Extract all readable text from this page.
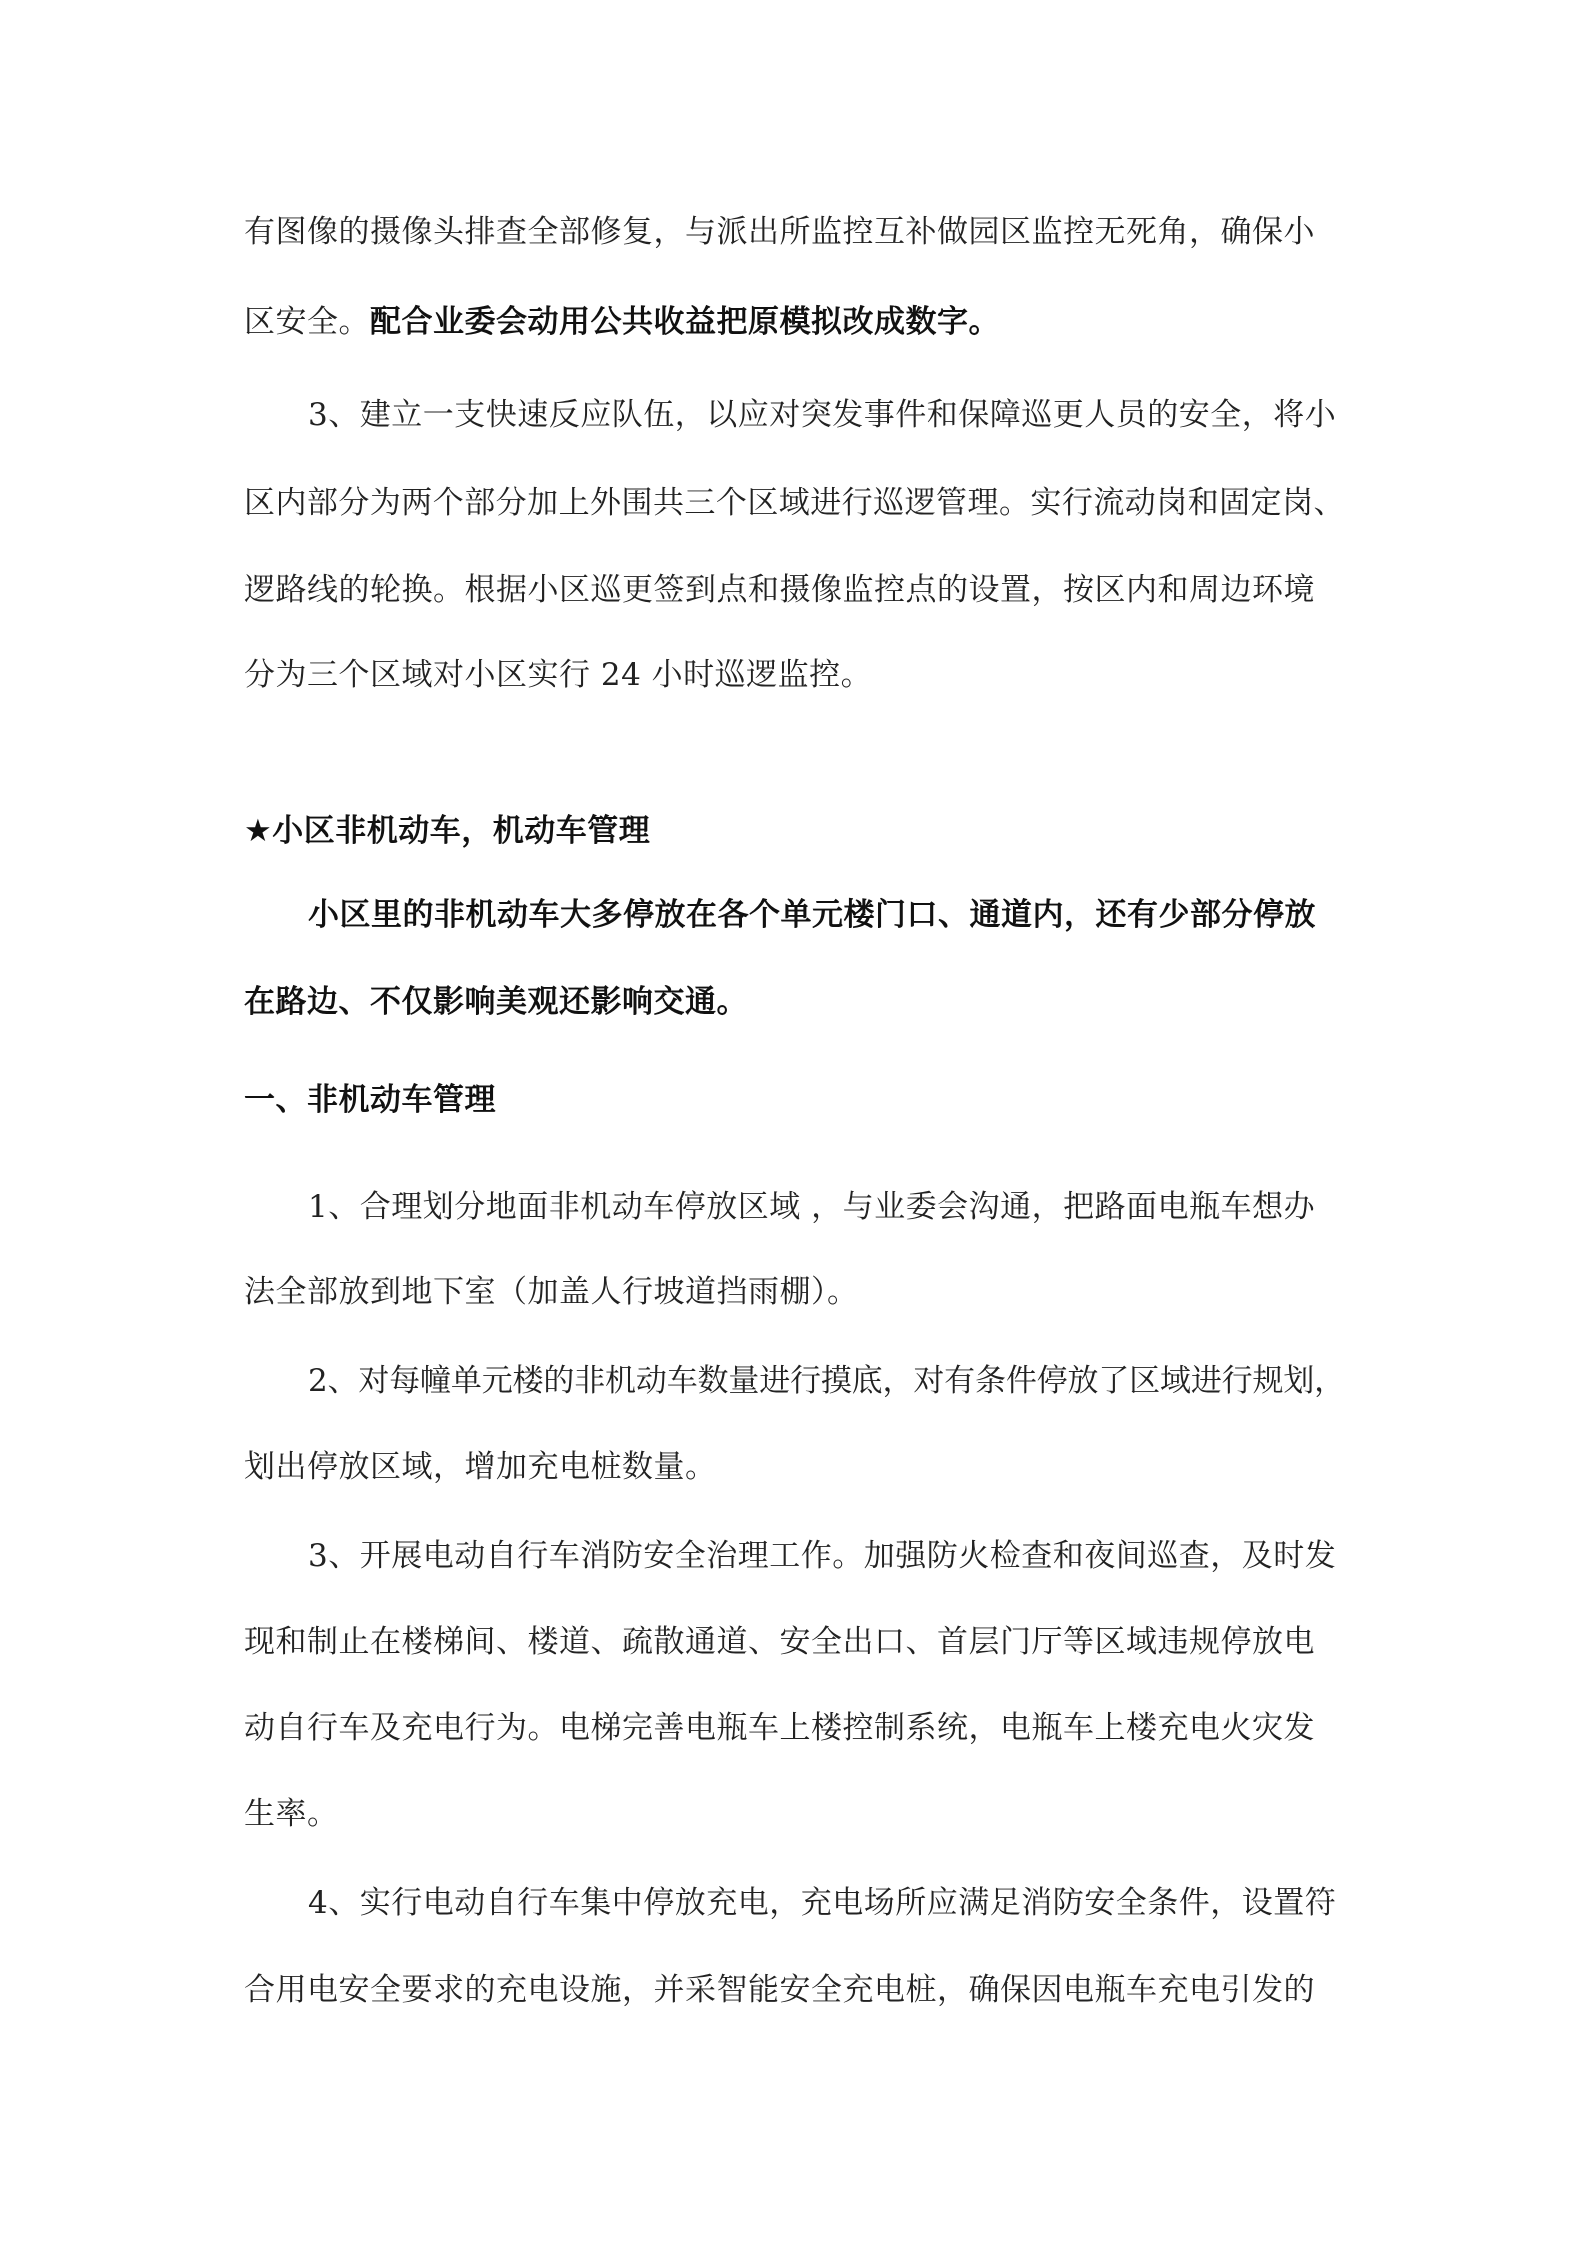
有图像的摄像头排查全部修复，与派出所监控互补做园区监控无死角，确保小
区安全。配合业委会动用公共收益把原模拟改成数字。
3、建立一支快速反应队伍，以应对突发事件和保障巡更人员的安全，将小
区内部分为两个部分加上外围共三个区域进行巡逻管理。实行流动岗和固定岗、
逻路线的轮换。根据小区巡更签到点和摄像监控点的设置，按区内和周边环境
分为三个区域对小区实行 24 小时巡逻监控。
★小区非机动车，机动车管理
小区里的非机动车大多停放在各个单元楼门口、通道内，还有少部分停放
在路边、不仅影响美观还影响交通。
一、非机动车管理
1、合理划分地面非机动车停放区域 ，与业委会沟通，把路面电瓶车想办
法全部放到地下室（加盖人行坡道挡雨棚）。
2、对每幢单元楼的非机动车数量进行摸底，对有条件停放了区域进行规划，
划出停放区域，增加充电桩数量。
3、开展电动自行车消防安全治理工作。加强防火检查和夜间巡查，及时发
现和制止在楼梯间、楼道、疏散通道、安全出口、首层门厅等区域违规停放电
动自行车及充电行为。电梯完善电瓶车上楼控制系统，电瓶车上楼充电火灾发
生率。
4、实行电动自行车集中停放充电，充电场所应满足消防安全条件，设置符
合用电安全要求的充电设施，并采智能安全充电桩，确保因电瓶车充电引发的
